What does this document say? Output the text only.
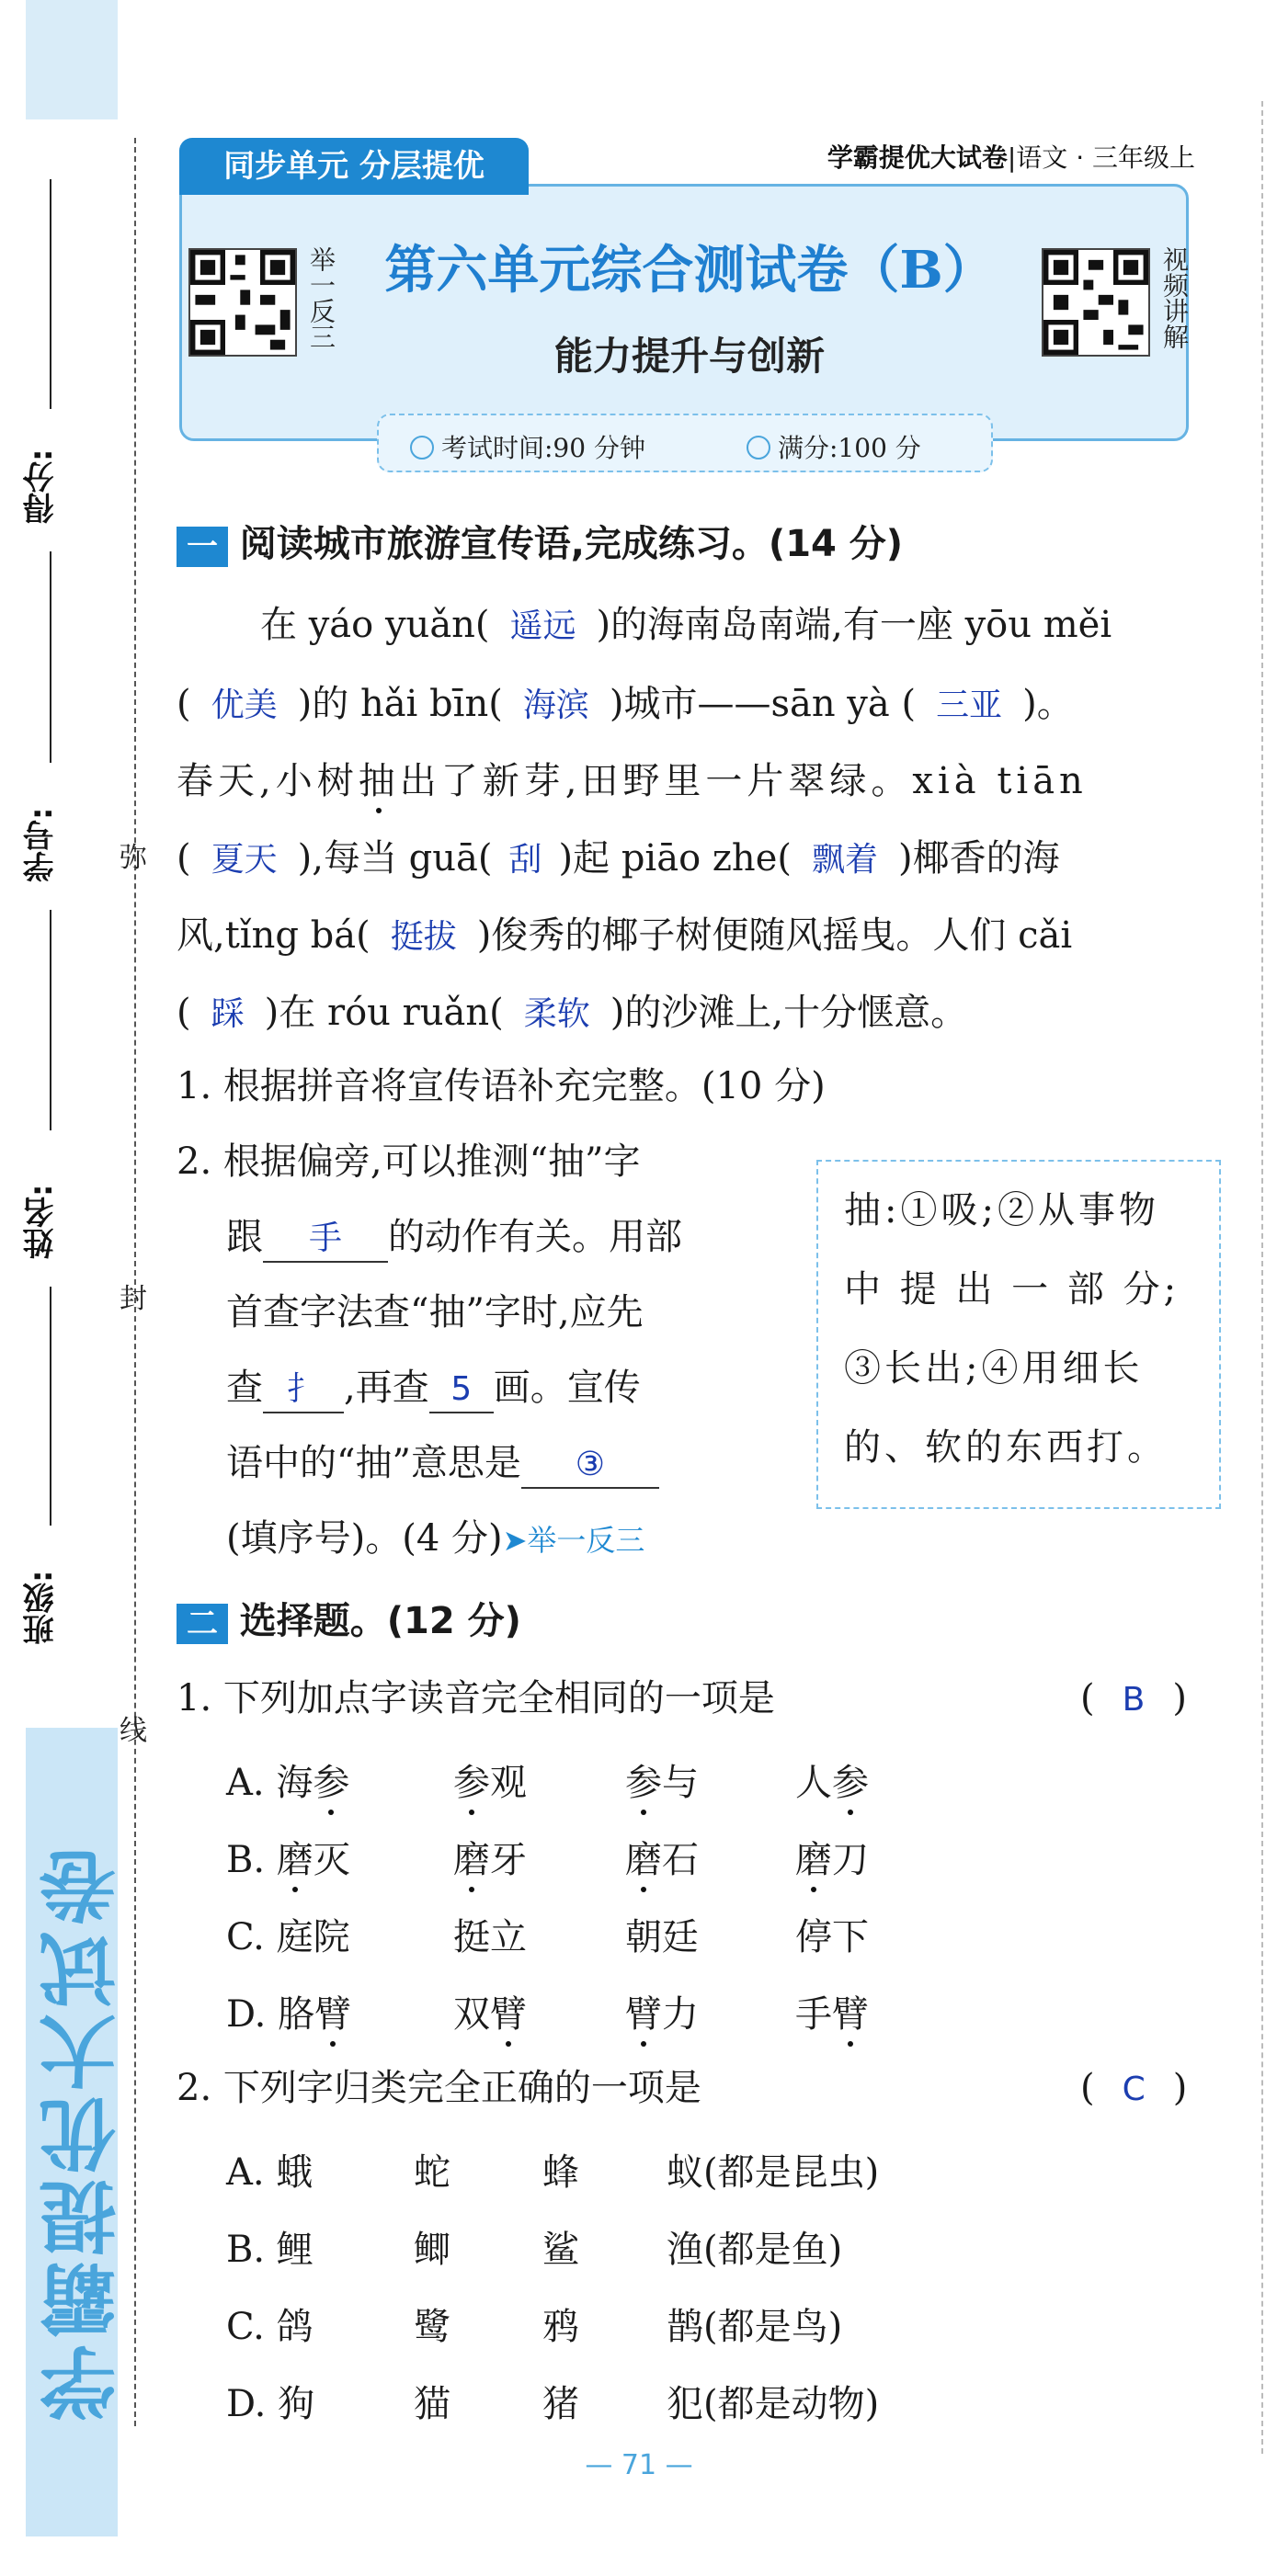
学霸提优大试卷
得分:
学号:
姓名:
班级:
弥
封
线
同步单元 分层提优	学霸提优大试卷|语文 · 三年级上
举一反三	视频讲解
第六单元综合测试卷（B）
能力提升与创新
考试时间:90 分钟	满分:100 分
一 阅读城市旅游宣传语,完成练习。(14 分)
在 yáo yuǎn( 遥远 )的海南岛南端,有一座 yōu měi
( 优美 )的 hǎi bīn( 海滨 )城市——sān yà ( 三亚 )。
春天,小树抽出了新芽,田野里一片翠绿。xià tiān
( 夏天 ),每当 guā( 刮 )起 piāo zhe( 飘着 )椰香的海
风,tǐng bá( 挺拔 )俊秀的椰子树便随风摇曳。人们 cǎi
( 踩 )在 róu ruǎn( 柔软 )的沙滩上,十分惬意。
1. 根据拼音将宣传语补充完整。(10 分)
2. 根据偏旁,可以推测“抽”字
跟 手 的动作有关。用部
首查字法查“抽”字时,应先
查 扌 ,再查 5 画。宣传
语中的“抽”意思是 ③
(填序号)。(4 分)➤举一反三
抽:①吸;②从事物
中 提 出 一 部 分;
③长出;④用细长
的、软的东西打。
二 选择题。(12 分)
1. 下列加点字读音完全相同的一项是	( B )
A. 海参	参观	参与	人参
B. 磨灭	磨牙	磨石	磨刀
C. 庭院	挺立	朝廷	停下
D. 胳臂	双臂	臂力	手臂
2. 下列字归类完全正确的一项是	( C )
A. 蛾	蛇	蜂 蚁(都是昆虫)
B. 鲤	鲫	鲨 渔(都是鱼)
C. 鸽	鹭	鸦 鹊(都是鸟)
D. 狗	猫	猪 犯(都是动物)
— 71 —
